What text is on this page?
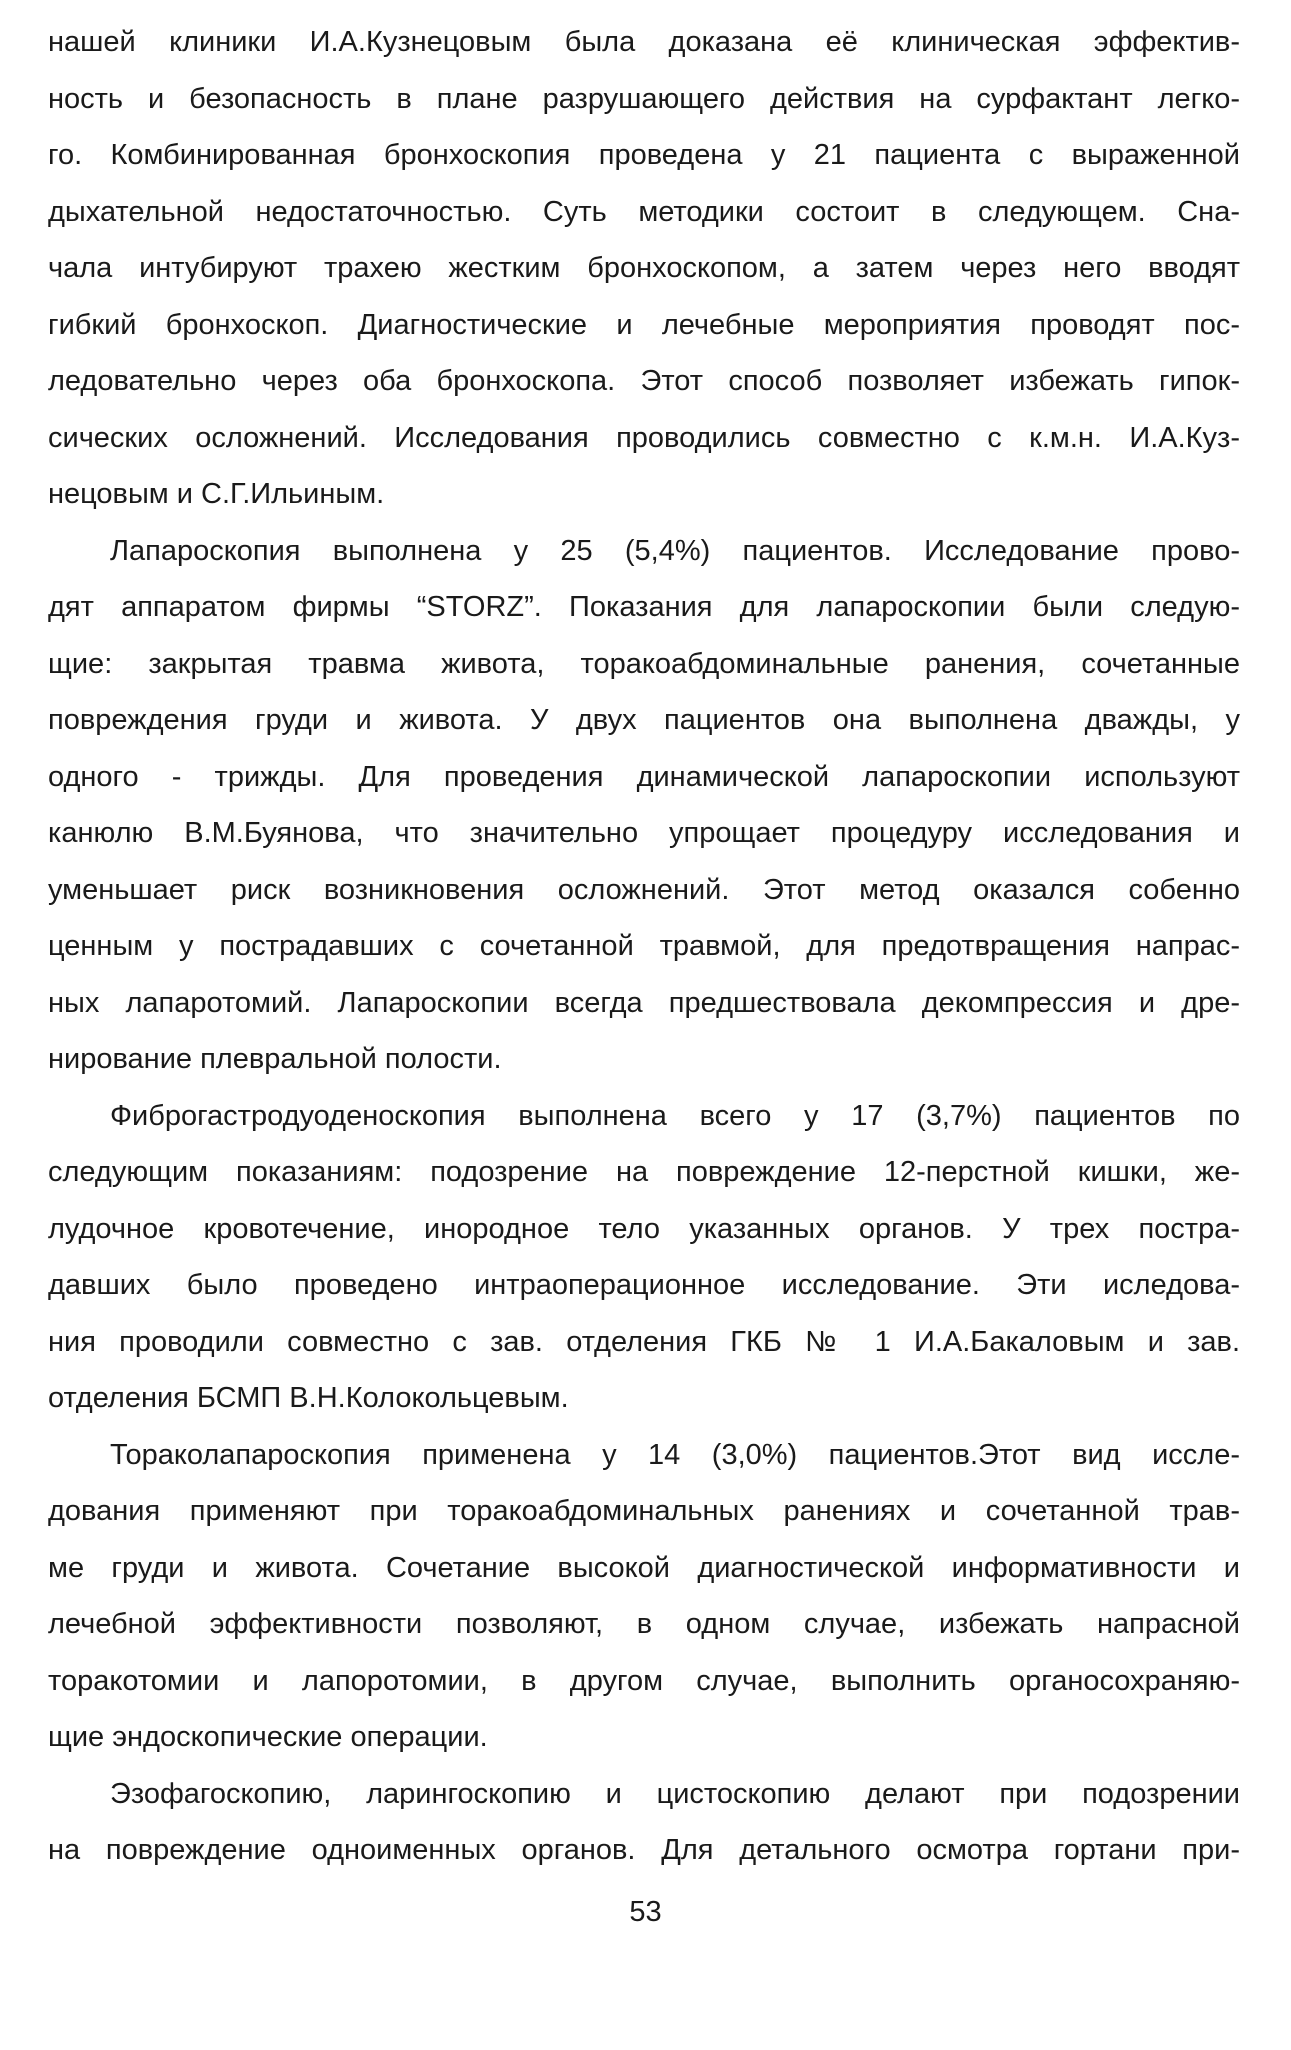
нашей клиники И.А.Кузнецовым была доказана её клиническая эффектив-
ность и безопасность в плане разрушающего действия на сурфактант легко-
го. Комбинированная бронхоскопия проведена у 21 пациента с выраженной
дыхательной недостаточностью. Суть методики состоит в следующем. Сна-
чала интубируют трахею жестким бронхоскопом, а затем через него вводят
гибкий бронхоскоп. Диагностические и лечебные мероприятия проводят пос-
ледовательно через оба бронхоскопа. Этот способ позволяет избежать гипок-
сических осложнений. Исследования проводились совместно с к.м.н. И.А.Куз-
нецовым и С.Г.Ильиным.
Лапароскопия выполнена у 25 (5,4%) пациентов. Исследование прово-
дят аппаратом фирмы “STORZ”. Показания для лапароскопии были следую-
щие: закрытая травма живота, торакоабдоминальные ранения, сочетанные
повреждения груди и живота. У двух пациентов она выполнена дважды, у
одного - трижды. Для проведения динамической лапароскопии используют
канюлю В.М.Буянова, что значительно упрощает процедуру исследования и
уменьшает риск возникновения осложнений. Этот метод оказался собенно
ценным у пострадавших с сочетанной травмой, для предотвращения напрас-
ных лапаротомий. Лапароскопии всегда предшествовала декомпрессия и дре-
нирование плевральной полости.
Фиброгастродуоденоскопия выполнена всего у 17 (3,7%) пациентов по
следующим показаниям: подозрение на повреждение 12-перстной кишки, же-
лудочное кровотечение, инородное тело указанных органов. У трех постра-
давших было проведено интраоперационное исследование. Эти иследова-
ния проводили совместно с зав. отделения ГКБ № 1 И.А.Бакаловым и зав.
отделения БСМП В.Н.Колокольцевым.
Тораколапароскопия применена у 14 (3,0%) пациентов.Этот вид иссле-
дования применяют при торакоабдоминальных ранениях и сочетанной трав-
ме груди и живота. Сочетание высокой диагностической информативности и
лечебной эффективности позволяют, в одном случае, избежать напрасной
торакотомии и лапоротомии, в другом случае, выполнить органосохраняю-
щие эндоскопические операции.
Эзофагоскопию, ларингоскопию и цистоскопию делают при подозрении
на повреждение одноименных органов. Для детального осмотра гортани при-
53
